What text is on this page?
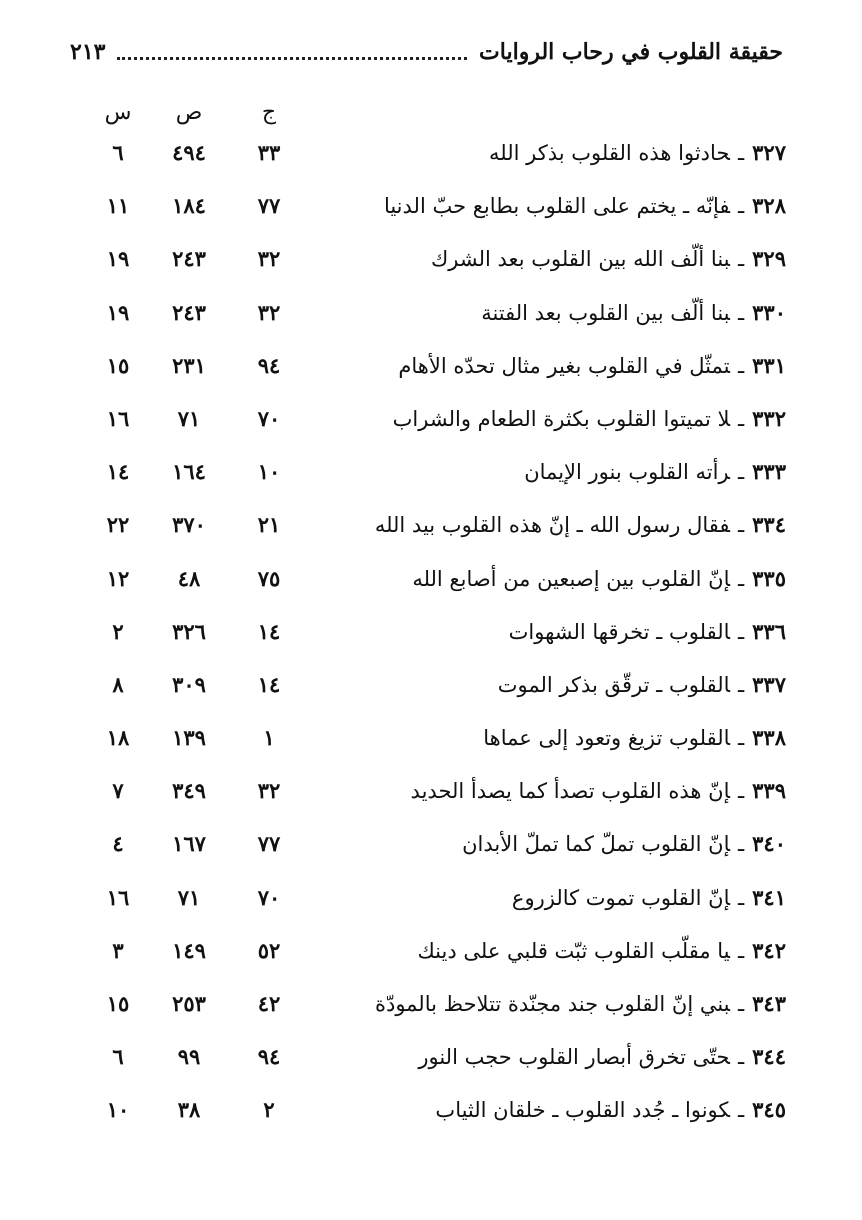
حقيقة القلوب في رحاب الروايات
٢١٣
ج
ص
س
٣٢٧ـحادثوا هذه القلوب بذكر الله
٣٣
٤٩٤
٦
٣٢٨ـفإنّه ـ يختم على القلوب بطابع حبّ الدنيا
٧٧
١٨٤
١١
٣٢٩ـبنا ألّف الله بين القلوب بعد الشرك
٣٢
٢٤٣
١٩
٣٣٠ـبنا ألّف بين القلوب بعد الفتنة
٣٢
٢٤٣
١٩
٣٣١ـتمثّل في القلوب بغير مثال تحدّه الأهام
٩٤
٢٣١
١٥
٣٣٢ـلا تميتوا القلوب بكثرة الطعام والشراب
٧٠
٧١
١٦
٣٣٣ـرأته القلوب بنور الإيمان
١٠
١٦٤
١٤
٣٣٤ـفقال رسول الله ـ إنّ هذه القلوب بيد الله
٢١
٣٧٠
٢٢
٣٣٥ـإنّ القلوب بين إصبعين من أصابع الله
٧٥
٤٨
١٢
٣٣٦ـالقلوب ـ تخرقها الشهوات
١٤
٣٢٦
٢
٣٣٧ـالقلوب ـ ترقّق بذكر الموت
١٤
٣٠٩
٨
٣٣٨ـالقلوب تزيغ وتعود إلى عماها
١
١٣٩
١٨
٣٣٩ـإنّ هذه القلوب تصدأ كما يصدأ الحديد
٣٢
٣٤٩
٧
٣٤٠ـإنّ القلوب تملّ كما تملّ الأبدان
٧٧
١٦٧
٤
٣٤١ـإنّ القلوب تموت كالزروع
٧٠
٧١
١٦
٣٤٢ـيا مقلّب القلوب ثبّت قلبي على دينك
٥٢
١٤٩
٣
٣٤٣ـبني إنّ القلوب جند مجنّدة تتلاحظ بالمودّة
٤٢
٢٥٣
١٥
٣٤٤ـحتّى تخرق أبصار القلوب حجب النور
٩٤
٩٩
٦
٣٤٥ـكونوا ـ جُدد القلوب ـ خلقان الثياب
٢
٣٨
١٠
